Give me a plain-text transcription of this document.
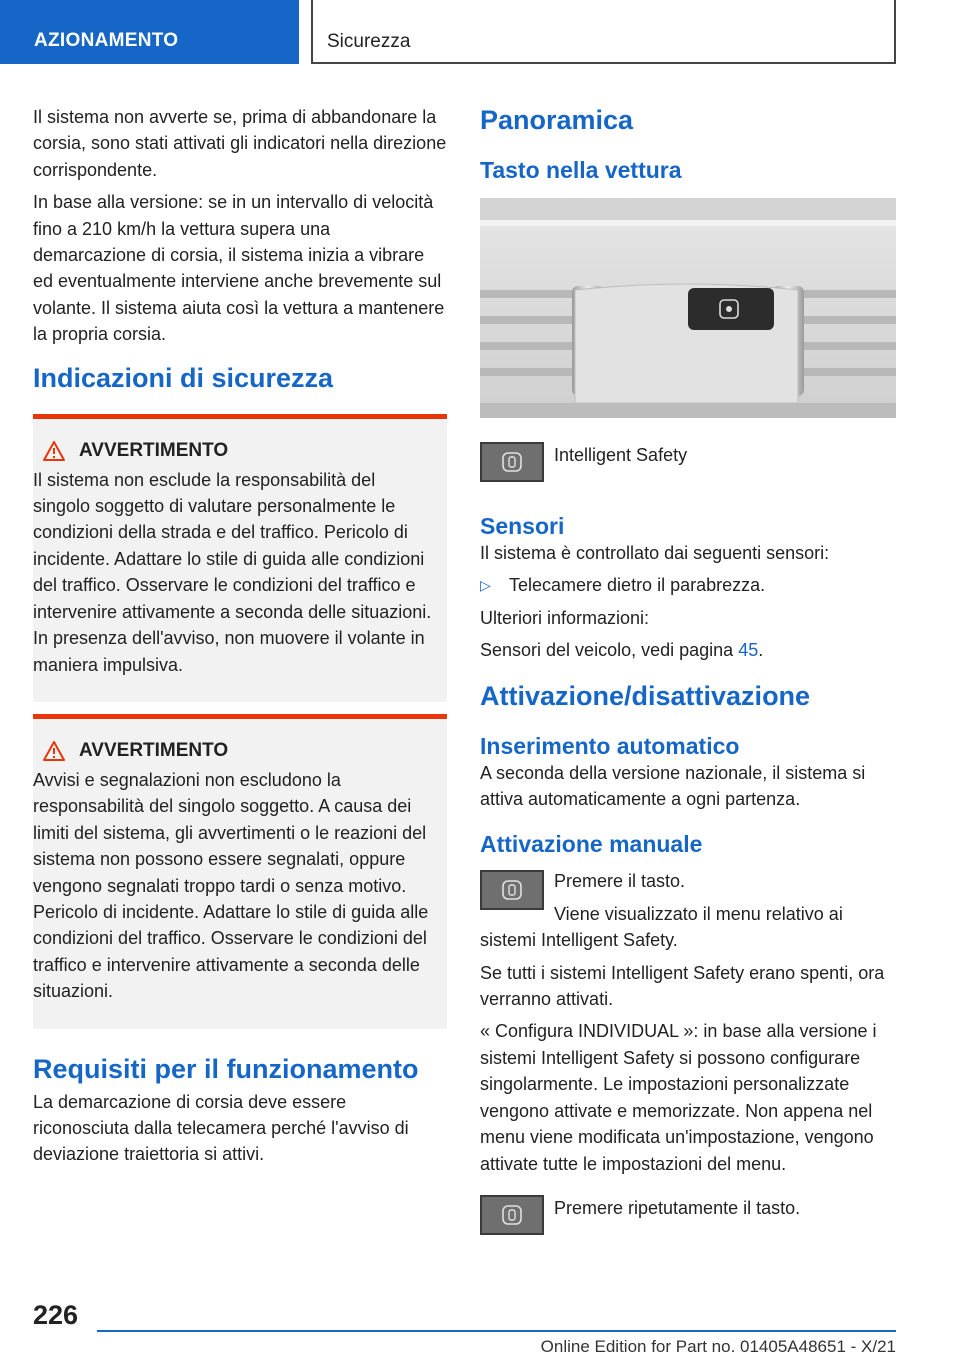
AZIONAMENTO	Sicurezza

Il sistema non avverte se, prima di abbandonare la corsia, sono stati attivati gli indicatori nella direzione corrispondente.

In base alla versione: se in un intervallo di velocità fino a 210 km/h la vettura supera una demarcazione di corsia, il sistema inizia a vibrare ed eventualmente interviene anche brevemente sul volante. Il sistema aiuta così la vettura a mantenere la propria corsia.

Indicazioni di sicurezza
AVVERTIMENTO

Il sistema non esclude la responsabilità del singolo soggetto di valutare personalmente le condizioni della strada e del traffico. Pericolo di incidente. Adattare lo stile di guida alle condizioni del traffico. Osservare le condizioni del traffico e intervenire attivamente a seconda delle situazioni. In presenza dell'avviso, non muovere il volante in maniera impulsiva.

AVVERTIMENTO

Avvisi e segnalazioni non escludono la responsabilità del singolo soggetto. A causa dei limiti del sistema, gli avvertimenti o le reazioni del sistema non possono essere segnalati, oppure vengono segnalati troppo tardi o senza motivo. Pericolo di incidente. Adattare lo stile di guida alle condizioni del traffico. Osservare le condizioni del traffico e intervenire attivamente a seconda delle situazioni.

Requisiti per il funzionamento

La demarcazione di corsia deve essere riconosciuta dalla telecamera perché l'avviso di deviazione traiettoria si attivi.

Panoramica
Tasto nella vettura

Intelligent Safety

Sensori

Il sistema è controllato dai seguenti sensori:

▷	Telecamere dietro il parabrezza.

Ulteriori informazioni:

Sensori del veicolo, vedi pagina 45.

Attivazione/disattivazione
Inserimento automatico

A seconda della versione nazionale, il sistema si attiva automaticamente a ogni partenza.

Attivazione manuale

Premere il tasto.

Viene visualizzato il menu relativo ai sistemi Intelligent Safety.

Se tutti i sistemi Intelligent Safety erano spenti, ora verranno attivati.

« Configura INDIVIDUAL »: in base alla versione i sistemi Intelligent Safety si possono configurare singolarmente. Le impostazioni personalizzate vengono attivate e memorizzate. Non appena nel menu viene modificata un'impostazione, vengono attivate tutte le impostazioni del menu.

Premere ripetutamente il tasto.

226
Online Edition for Part no. 01405A48651 - X/21
